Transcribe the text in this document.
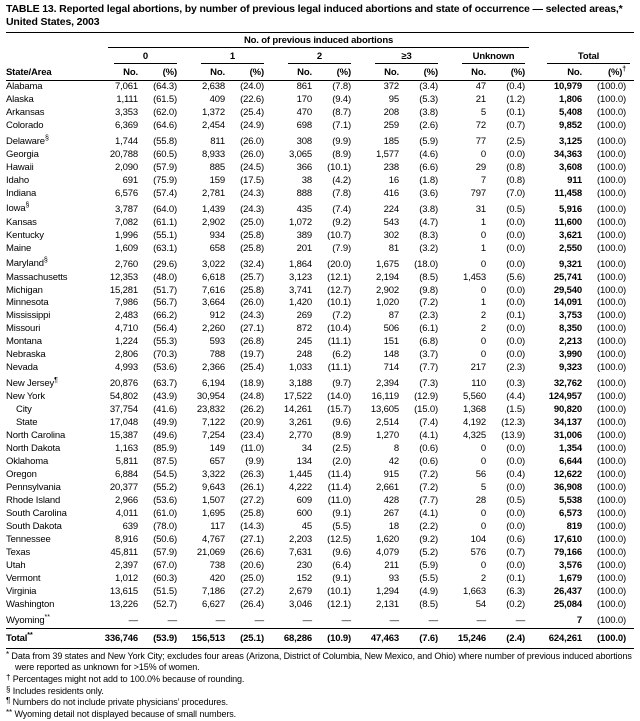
TABLE 13. Reported legal abortions, by number of previous legal induced abortions and state of occurrence — selected areas,* United States, 2003

	No. of previous induced abortions											

	0		1		2		≥3		Unknown		Total	

State/Area	No.	(%)	No.	(%)	No.	(%)	No.	(%)	No.	(%)	No.	(%)†
Alabama	7,061	(64.3)	2,638	(24.0)	861	(7.8)	372	(3.4)	47	(0.4)	10,979	(100.0)
Alaska	1,111	(61.5)	409	(22.6)	170	(9.4)	95	(5.3)	21	(1.2)	1,806	(100.0)
Arkansas	3,353	(62.0)	1,372	(25.4)	470	(8.7)	208	(3.8)	5	(0.1)	5,408	(100.0)
Colorado	6,369	(64.6)	2,454	(24.9)	698	(7.1)	259	(2.6)	72	(0.7)	9,852	(100.0)
Delaware§	1,744	(55.8)	811	(26.0)	308	(9.9)	185	(5.9)	77	(2.5)	3,125	(100.0)
Georgia	20,788	(60.5)	8,933	(26.0)	3,065	(8.9)	1,577	(4.6)	0	(0.0)	34,363	(100.0)
Hawaii	2,090	(57.9)	885	(24.5)	366	(10.1)	238	(6.6)	29	(0.8)	3,608	(100.0)
Idaho	691	(75.9)	159	(17.5)	38	(4.2)	16	(1.8)	7	(0.8)	911	(100.0)
Indiana	6,576	(57.4)	2,781	(24.3)	888	(7.8)	416	(3.6)	797	(7.0)	11,458	(100.0)
Iowa§	3,787	(64.0)	1,439	(24.3)	435	(7.4)	224	(3.8)	31	(0.5)	5,916	(100.0)
Kansas	7,082	(61.1)	2,902	(25.0)	1,072	(9.2)	543	(4.7)	1	(0.0)	11,600	(100.0)
Kentucky	1,996	(55.1)	934	(25.8)	389	(10.7)	302	(8.3)	0	(0.0)	3,621	(100.0)
Maine	1,609	(63.1)	658	(25.8)	201	(7.9)	81	(3.2)	1	(0.0)	2,550	(100.0)
Maryland§	2,760	(29.6)	3,022	(32.4)	1,864	(20.0)	1,675	(18.0)	0	(0.0)	9,321	(100.0)
Massachusetts	12,353	(48.0)	6,618	(25.7)	3,123	(12.1)	2,194	(8.5)	1,453	(5.6)	25,741	(100.0)
Michigan	15,281	(51.7)	7,616	(25.8)	3,741	(12.7)	2,902	(9.8)	0	(0.0)	29,540	(100.0)
Minnesota	7,986	(56.7)	3,664	(26.0)	1,420	(10.1)	1,020	(7.2)	1	(0.0)	14,091	(100.0)
Mississippi	2,483	(66.2)	912	(24.3)	269	(7.2)	87	(2.3)	2	(0.1)	3,753	(100.0)
Missouri	4,710	(56.4)	2,260	(27.1)	872	(10.4)	506	(6.1)	2	(0.0)	8,350	(100.0)
Montana	1,224	(55.3)	593	(26.8)	245	(11.1)	151	(6.8)	0	(0.0)	2,213	(100.0)
Nebraska	2,806	(70.3)	788	(19.7)	248	(6.2)	148	(3.7)	0	(0.0)	3,990	(100.0)
Nevada	4,993	(53.6)	2,366	(25.4)	1,033	(11.1)	714	(7.7)	217	(2.3)	9,323	(100.0)
New Jersey¶	20,876	(63.7)	6,194	(18.9)	3,188	(9.7)	2,394	(7.3)	110	(0.3)	32,762	(100.0)
New York	54,802	(43.9)	30,954	(24.8)	17,522	(14.0)	16,119	(12.9)	5,560	(4.4)	124,957	(100.0)
City	37,754	(41.6)	23,832	(26.2)	14,261	(15.7)	13,605	(15.0)	1,368	(1.5)	90,820	(100.0)
State	17,048	(49.9)	7,122	(20.9)	3,261	(9.6)	2,514	(7.4)	4,192	(12.3)	34,137	(100.0)
North Carolina	15,387	(49.6)	7,254	(23.4)	2,770	(8.9)	1,270	(4.1)	4,325	(13.9)	31,006	(100.0)
North Dakota	1,163	(85.9)	149	(11.0)	34	(2.5)	8	(0.6)	0	(0.0)	1,354	(100.0)
Oklahoma	5,811	(87.5)	657	(9.9)	134	(2.0)	42	(0.6)	0	(0.0)	6,644	(100.0)
Oregon	6,884	(54.5)	3,322	(26.3)	1,445	(11.4)	915	(7.2)	56	(0.4)	12,622	(100.0)
Pennsylvania	20,377	(55.2)	9,643	(26.1)	4,222	(11.4)	2,661	(7.2)	5	(0.0)	36,908	(100.0)
Rhode Island	2,966	(53.6)	1,507	(27.2)	609	(11.0)	428	(7.7)	28	(0.5)	5,538	(100.0)
South Carolina	4,011	(61.0)	1,695	(25.8)	600	(9.1)	267	(4.1)	0	(0.0)	6,573	(100.0)
South Dakota	639	(78.0)	117	(14.3)	45	(5.5)	18	(2.2)	0	(0.0)	819	(100.0)
Tennessee	8,916	(50.6)	4,767	(27.1)	2,203	(12.5)	1,620	(9.2)	104	(0.6)	17,610	(100.0)
Texas	45,811	(57.9)	21,069	(26.6)	7,631	(9.6)	4,079	(5.2)	576	(0.7)	79,166	(100.0)
Utah	2,397	(67.0)	738	(20.6)	230	(6.4)	211	(5.9)	0	(0.0)	3,576	(100.0)
Vermont	1,012	(60.3)	420	(25.0)	152	(9.1)	93	(5.5)	2	(0.1)	1,679	(100.0)
Virginia	13,615	(51.5)	7,186	(27.2)	2,679	(10.1)	1,294	(4.9)	1,663	(6.3)	26,437	(100.0)
Washington	13,226	(52.7)	6,627	(26.4)	3,046	(12.1)	2,131	(8.5)	54	(0.2)	25,084	(100.0)
Wyoming**	—	—	—	—	—	—	—	—	—	—	7	(100.0)
Total**	336,746	(53.9)	156,513	(25.1)	68,286	(10.9)	47,463	(7.6)	15,246	(2.4)	624,261	(100.0)
* Data from 39 states and New York City; excludes four areas (Arizona, District of Columbia, New Mexico, and Ohio) where number of previous induced abortions were reported as unknown for >15% of women.
† Percentages might not add to 100.0% because of rounding.
§ Includes residents only.
¶ Numbers do not include private physicians’ procedures.
** Wyoming detail not displayed because of small numbers.
